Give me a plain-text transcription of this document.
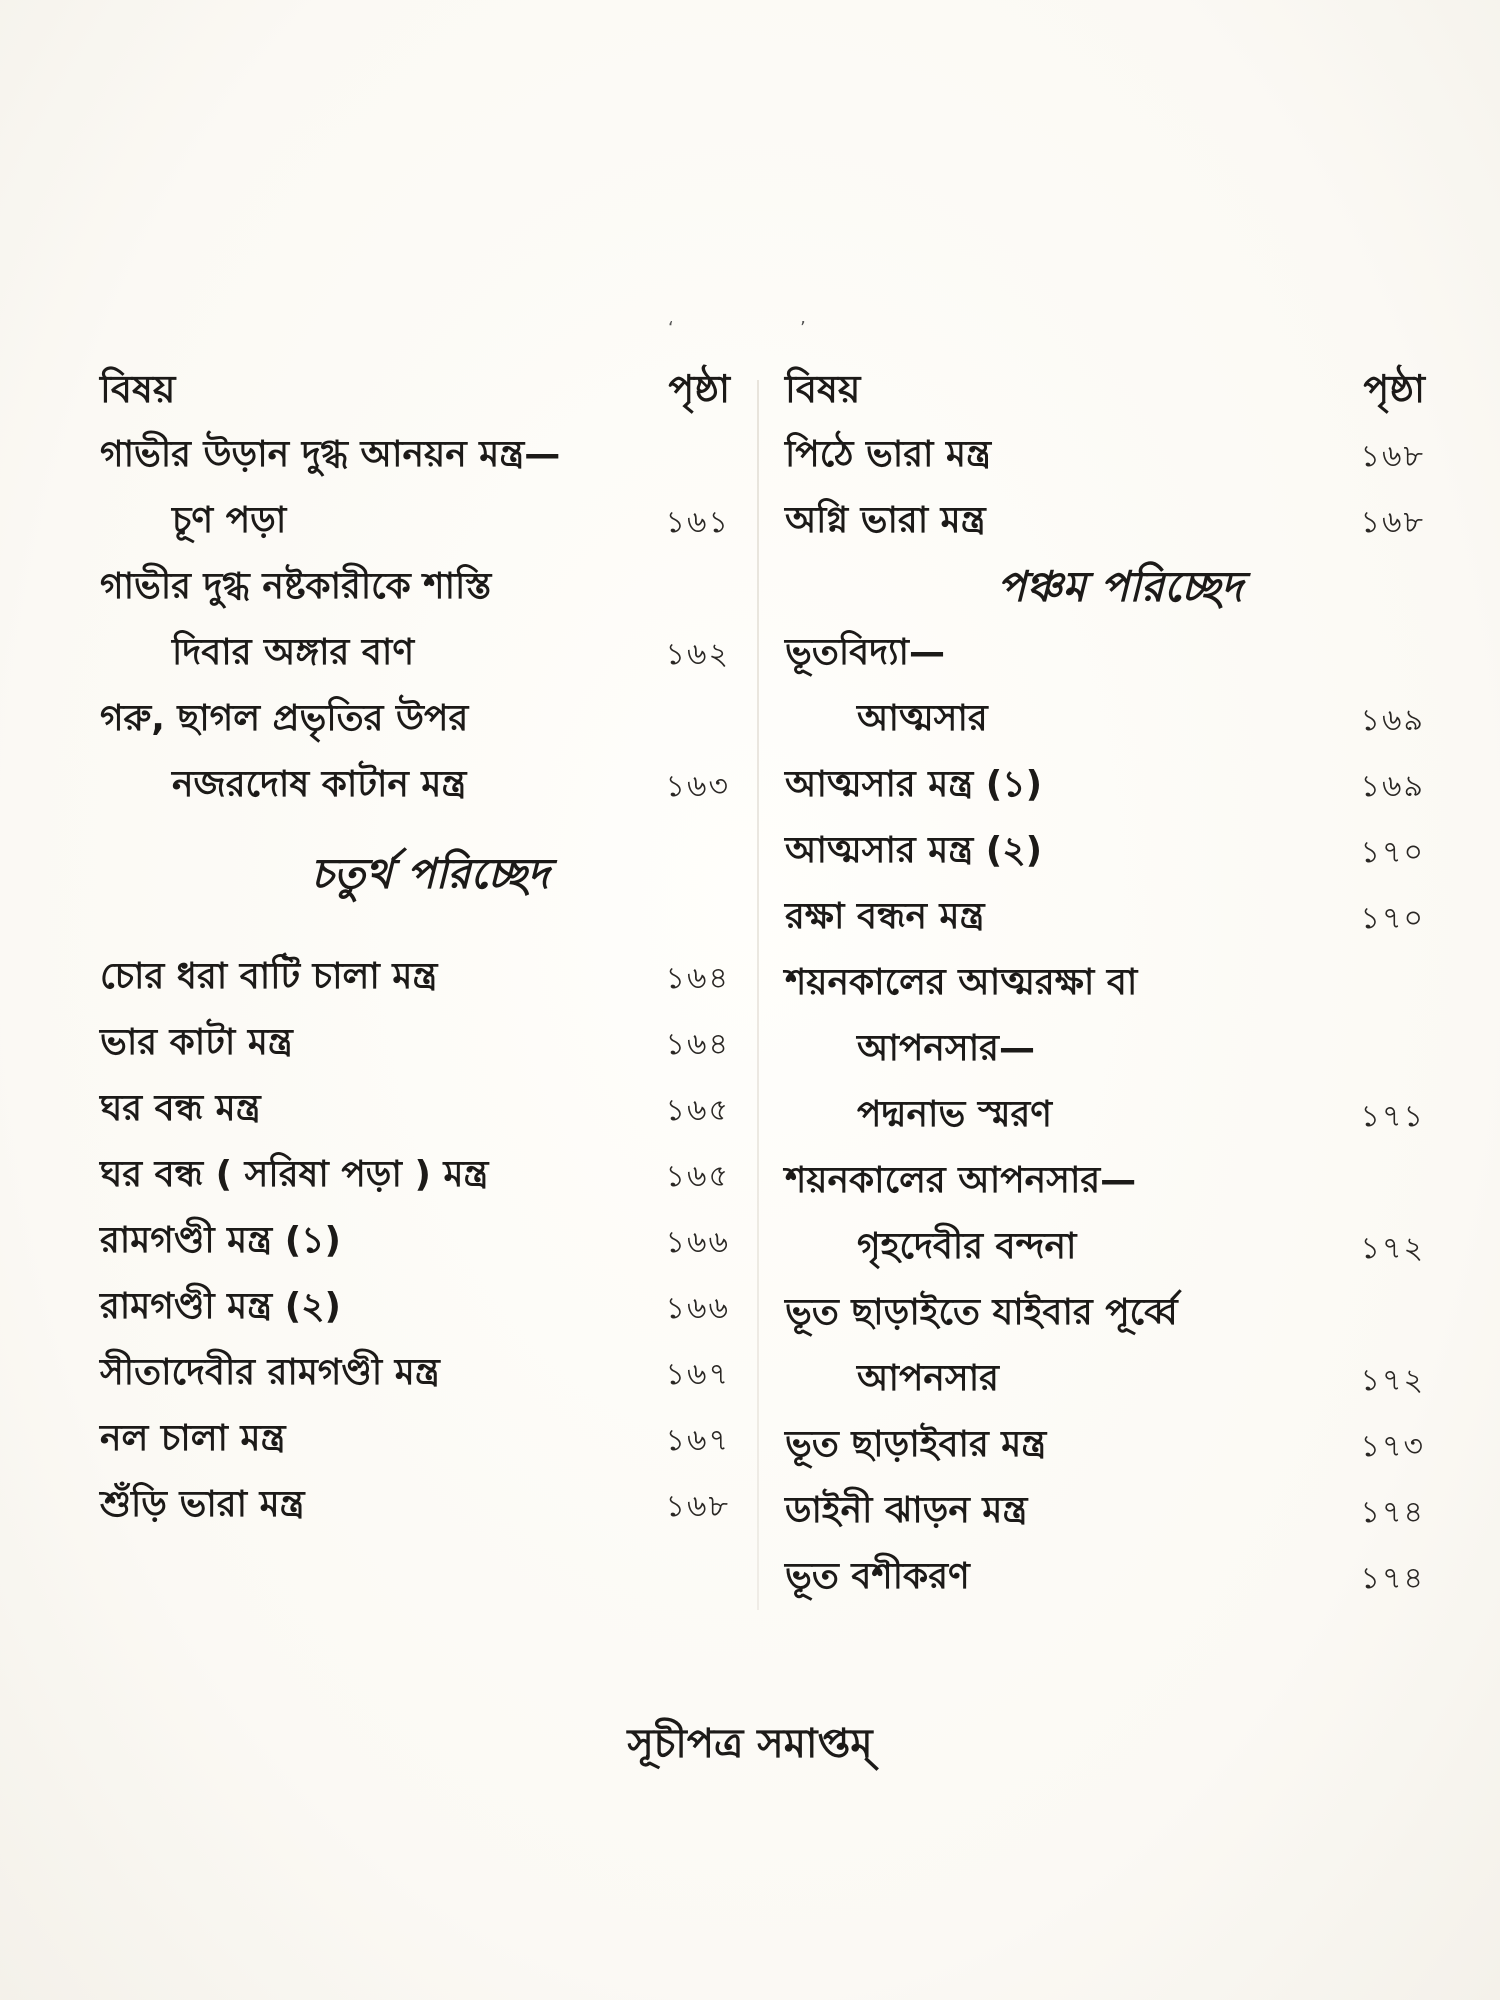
‘	’
বিষয়	পৃষ্ঠা
গাভীর উড়ান দুগ্ধ আনয়ন মন্ত্র—
চূণ পড়া	১৬১
গাভীর দুগ্ধ নষ্টকারীকে শাস্তি
দিবার অঙ্গার বাণ	১৬২
গরু, ছাগল প্রভৃতির উপর
নজরদোষ কাটান মন্ত্র	১৬৩
চতুর্থ পরিচ্ছেদ
চোর ধরা বাটি চালা মন্ত্র	১৬৪
ভার কাটা মন্ত্র	১৬৪
ঘর বন্ধ মন্ত্র	১৬৫
ঘর বন্ধ ( সরিষা পড়া ) মন্ত্র	১৬৫
রামগণ্ডী মন্ত্র (১)	১৬৬
রামগণ্ডী মন্ত্র (২)	১৬৬
সীতাদেবীর রামগণ্ডী মন্ত্র	১৬৭
নল চালা মন্ত্র	১৬৭
শুঁড়ি ভারা মন্ত্র	১৬৮
বিষয়	পৃষ্ঠা
পিঠে ভারা মন্ত্র	১৬৮
অগ্নি ভারা মন্ত্র	১৬৮
পঞ্চম পরিচ্ছেদ
ভূতবিদ্যা—
আত্মসার	১৬৯
আত্মসার মন্ত্র (১)	১৬৯
আত্মসার মন্ত্র (২)	১৭০
রক্ষা বন্ধন মন্ত্র	১৭০
শয়নকালের আত্মরক্ষা বা
আপনসার—
পদ্মনাভ স্মরণ	১৭১
শয়নকালের আপনসার—
গৃহদেবীর বন্দনা	১৭২
ভূত ছাড়াইতে যাইবার পূর্ব্বে
আপনসার	১৭২
ভূত ছাড়াইবার মন্ত্র	১৭৩
ডাইনী ঝাড়ন মন্ত্র	১৭৪
ভূত বশীকরণ	১৭৪
সূচীপত্র সমাপ্তম্
